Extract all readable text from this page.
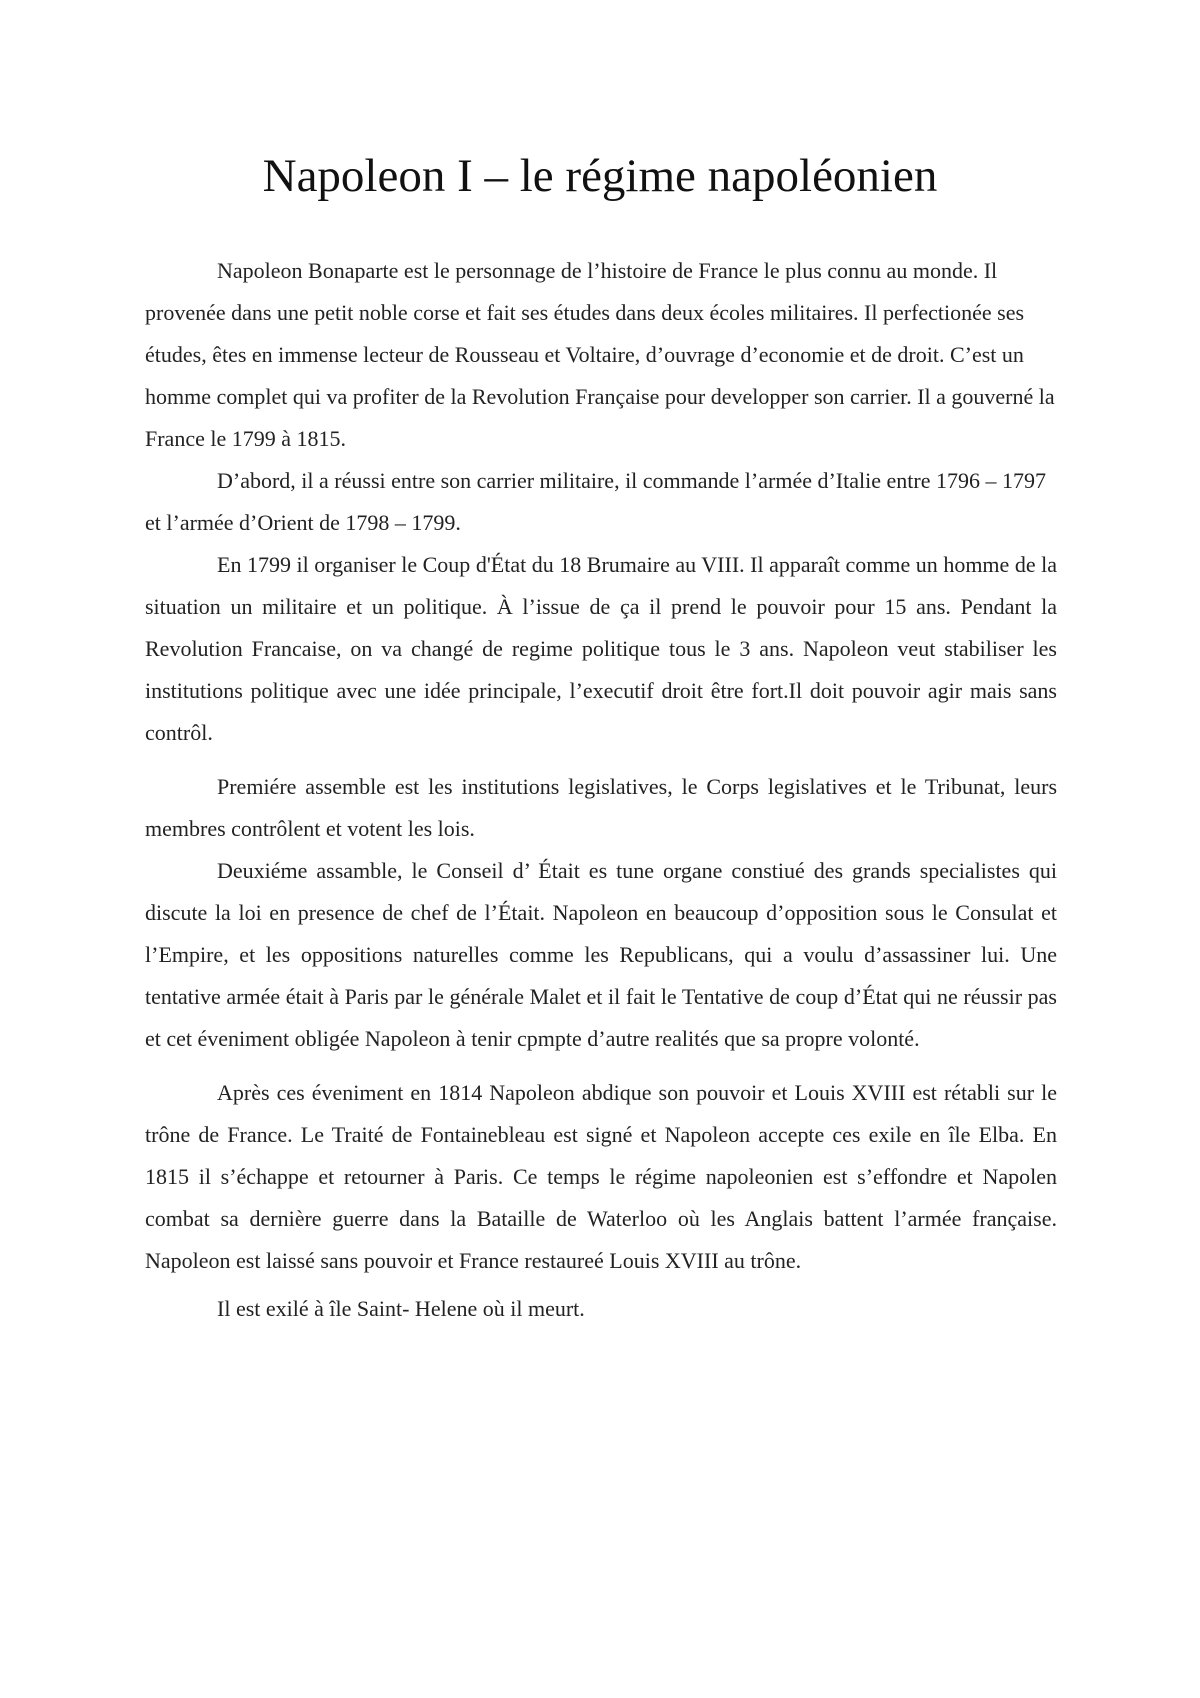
Napoleon I – le régime napoléonien

Napoleon Bonaparte est le personnage de l’histoire de France le plus connu au monde. Il provenée dans une petit noble corse et fait ses études dans deux écoles militaires. Il perfectionée ses études, êtes en immense lecteur de Rousseau et Voltaire, d’ouvrage d’economie et de droit. C’est un homme complet qui va profiter de la Revolution Française pour developper son carrier. Il a gouverné la France le 1799 à 1815.

D’abord, il a réussi entre son carrier militaire, il commande l’armée d’Italie entre 1796 – 1797 et l’armée d’Orient de 1798 – 1799.

En 1799 il organiser le Coup d'État du 18 Brumaire au VIII. Il apparaît comme un homme de la situation un militaire et un politique. À l’issue de ça il prend le pouvoir pour 15 ans. Pendant la Revolution Francaise, on va changé de regime politique tous le 3 ans. Napoleon veut stabiliser les institutions politique avec une idée principale, l’executif droit être fort.Il doit pouvoir agir mais sans contrôl.

Premiére assemble est les institutions legislatives, le Corps legislatives et le Tribunat, leurs membres contrôlent et votent les lois.

Deuxiéme assamble, le Conseil d’ Était es tune organe constiué des grands specialistes qui discute la loi en presence de chef de l’Était. Napoleon en beaucoup d’opposition sous le Consulat et l’Empire, et les oppositions naturelles comme les Republicans, qui a voulu d’assassiner lui. Une tentative armée était à Paris par le générale Malet et il fait le Tentative de coup d’État qui ne réussir pas et cet éveniment obligée Napoleon à tenir cpmpte d’autre realités que sa propre volonté.

Après ces éveniment en 1814 Napoleon abdique son pouvoir et Louis XVIII est rétabli sur le trône de France. Le Traité de Fontainebleau est signé et Napoleon accepte ces exile en île Elba. En 1815 il s’échappe et retourner à Paris. Ce temps le régime napoleonien est s’effondre et Napolen combat sa dernière guerre dans la Bataille de Waterloo où les Anglais battent l’armée française. Napoleon est laissé sans pouvoir et France restaureé Louis XVIII au trône.

Il est exilé à île Saint- Helene où il meurt.
